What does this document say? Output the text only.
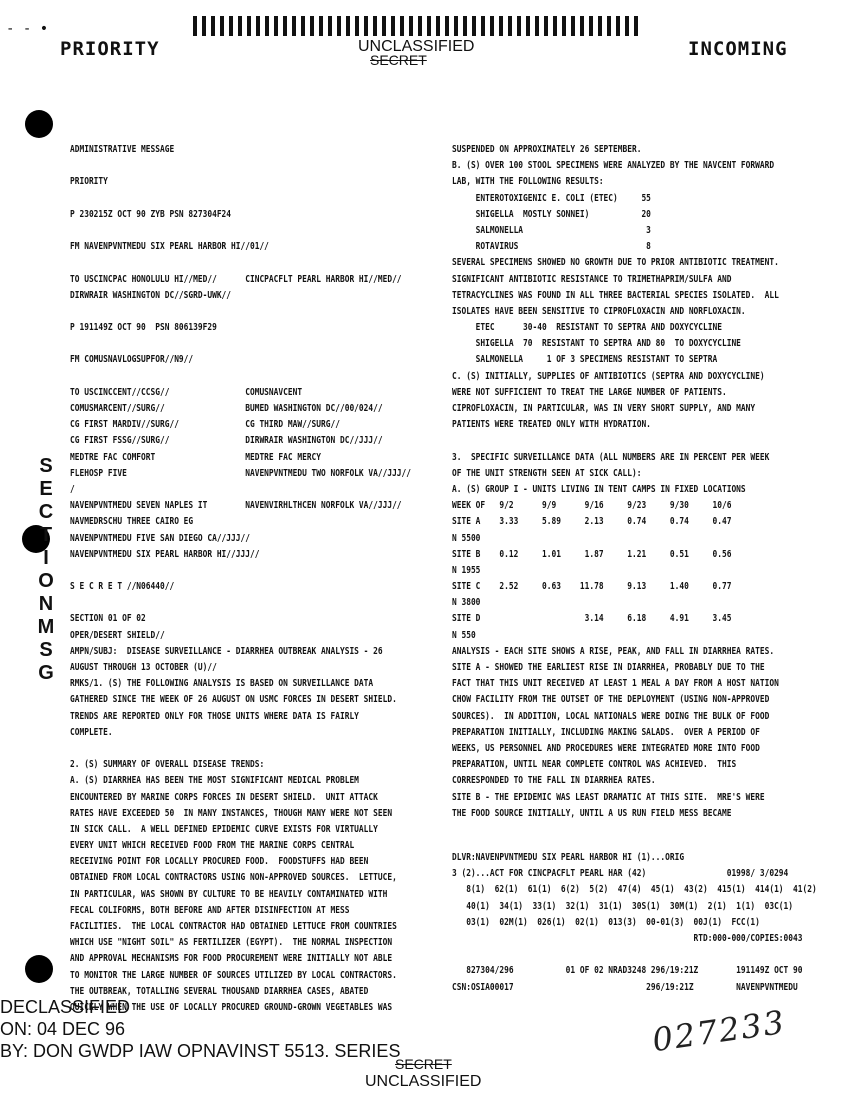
- - •
PRIORITY	UNCLASSIFIED
SECRET	INCOMING
S
E
C
T
I
O
N
M
S
G
ADMINISTRATIVE MESSAGE
PRIORITY
P 230215Z OCT 90 ZYB PSN 827304F24
FM NAVENPVNTMEDU SIX PEARL HARBOR HI//01//
TO USCINCPAC HONOLULU HI//MED//      CINCPACFLT PEARL HARBOR HI//MED//
DIRWRAIR WASHINGTON DC//SGRD-UWK//
P 191149Z OCT 90  PSN 806139F29
FM COMUSNAVLOGSUPFOR//N9//
TO USCINCCENT//CCSG//                COMUSNAVCENT
COMUSMARCENT//SURG//                 BUMED WASHINGTON DC//00/024//
CG FIRST MARDIV//SURG//              CG THIRD MAW//SURG//
CG FIRST FSSG//SURG//                DIRWRAIR WASHINGTON DC//JJJ//
MEDTRE FAC COMFORT                   MEDTRE FAC MERCY
FLEHOSP FIVE                         NAVENPVNTMEDU TWO NORFOLK VA//JJJ//
/
NAVENPVNTMEDU SEVEN NAPLES IT        NAVENVIRHLTHCEN NORFOLK VA//JJJ//
NAVMEDRSCHU THREE CAIRO EG
NAVENPVNTMEDU FIVE SAN DIEGO CA//JJJ//
NAVENPVNTMEDU SIX PEARL HARBOR HI//JJJ//
S E C R E T //N06440//
SECTION 01 OF 02
OPER/DESERT SHIELD//
AMPN/SUBJ:  DISEASE SURVEILLANCE - DIARRHEA OUTBREAK ANALYSIS - 26
AUGUST THROUGH 13 OCTOBER (U)//
RMKS/1. (S) THE FOLLOWING ANALYSIS IS BASED ON SURVEILLANCE DATA
GATHERED SINCE THE WEEK OF 26 AUGUST ON USMC FORCES IN DESERT SHIELD.
TRENDS ARE REPORTED ONLY FOR THOSE UNITS WHERE DATA IS FAIRLY
COMPLETE.
2. (S) SUMMARY OF OVERALL DISEASE TRENDS:
A. (S) DIARRHEA HAS BEEN THE MOST SIGNIFICANT MEDICAL PROBLEM
ENCOUNTERED BY MARINE CORPS FORCES IN DESERT SHIELD.  UNIT ATTACK
RATES HAVE EXCEEDED 50  IN MANY INSTANCES, THOUGH MANY WERE NOT SEEN
IN SICK CALL.  A WELL DEFINED EPIDEMIC CURVE EXISTS FOR VIRTUALLY
EVERY UNIT WHICH RECEIVED FOOD FROM THE MARINE CORPS CENTRAL
RECEIVING POINT FOR LOCALLY PROCURED FOOD.  FOODSTUFFS HAD BEEN
OBTAINED FROM LOCAL CONTRACTORS USING NON-APPROVED SOURCES.  LETTUCE,
IN PARTICULAR, WAS SHOWN BY CULTURE TO BE HEAVILY CONTAMINATED WITH
FECAL COLIFORMS, BOTH BEFORE AND AFTER DISINFECTION AT MESS
FACILITIES.  THE LOCAL CONTRACTOR HAD OBTAINED LETTUCE FROM COUNTRIES
WHICH USE "NIGHT SOIL" AS FERTILIZER (EGYPT).  THE NORMAL INSPECTION
AND APPROVAL MECHANISMS FOR FOOD PROCUREMENT WERE INITIALLY NOT ABLE
TO MONITOR THE LARGE NUMBER OF SOURCES UTILIZED BY LOCAL CONTRACTORS.
THE OUTBREAK, TOTALLING SEVERAL THOUSAND DIARRHEA CASES, ABATED
QUICKLY WHEN THE USE OF LOCALLY PROCURED GROUND-GROWN VEGETABLES WAS
SUSPENDED ON APPROXIMATELY 26 SEPTEMBER.
B. (S) OVER 100 STOOL SPECIMENS WERE ANALYZED BY THE NAVCENT FORWARD
LAB, WITH THE FOLLOWING RESULTS:
ENTEROTOXIGENIC E. COLI (ETEC)     55
SHIGELLA  MOSTLY SONNEI)           20
SALMONELLA                          3
ROTAVIRUS                           8
SEVERAL SPECIMENS SHOWED NO GROWTH DUE TO PRIOR ANTIBIOTIC TREATMENT.
SIGNIFICANT ANTIBIOTIC RESISTANCE TO TRIMETHAPRIM/SULFA AND
TETRACYCLINES WAS FOUND IN ALL THREE BACTERIAL SPECIES ISOLATED.  ALL
ISOLATES HAVE BEEN SENSITIVE TO CIPROFLOXACIN AND NORFLOXACIN.
ETEC      30-40  RESISTANT TO SEPTRA AND DOXYCYCLINE
SHIGELLA  70  RESISTANT TO SEPTRA AND 80  TO DOXYCYCLINE
SALMONELLA     1 OF 3 SPECIMENS RESISTANT TO SEPTRA
C. (S) INITIALLY, SUPPLIES OF ANTIBIOTICS (SEPTRA AND DOXYCYCLINE)
WERE NOT SUFFICIENT TO TREAT THE LARGE NUMBER OF PATIENTS.
CIPROFLOXACIN, IN PARTICULAR, WAS IN VERY SHORT SUPPLY, AND MANY
PATIENTS WERE TREATED ONLY WITH HYDRATION.
3.  SPECIFIC SURVEILLANCE DATA (ALL NUMBERS ARE IN PERCENT PER WEEK
OF THE UNIT STRENGTH SEEN AT SICK CALL):
A. (S) GROUP I - UNITS LIVING IN TENT CAMPS IN FIXED LOCATIONS
WEEK OF   9/2      9/9      9/16     9/23     9/30     10/6
SITE A    3.33     5.89     2.13     0.74     0.74     0.47
N 5500
SITE B    0.12     1.01     1.87     1.21     0.51     0.56
N 1955
SITE C    2.52     0.63    11.78     9.13     1.40     0.77
N 3800
SITE D                      3.14     6.18     4.91     3.45
N 550
ANALYSIS - EACH SITE SHOWS A RISE, PEAK, AND FALL IN DIARRHEA RATES.
SITE A - SHOWED THE EARLIEST RISE IN DIARRHEA, PROBABLY DUE TO THE
FACT THAT THIS UNIT RECEIVED AT LEAST 1 MEAL A DAY FROM A HOST NATION
CHOW FACILITY FROM THE OUTSET OF THE DEPLOYMENT (USING NON-APPROVED
SOURCES).  IN ADDITION, LOCAL NATIONALS WERE DOING THE BULK OF FOOD
PREPARATION INITIALLY, INCLUDING MAKING SALADS.  OVER A PERIOD OF
WEEKS, US PERSONNEL AND PROCEDURES WERE INTEGRATED MORE INTO FOOD
PREPARATION, UNTIL NEAR COMPLETE CONTROL WAS ACHIEVED.  THIS
CORRESPONDED TO THE FALL IN DIARRHEA RATES.
SITE B - THE EPIDEMIC WAS LEAST DRAMATIC AT THIS SITE.  MRE'S WERE
THE FOOD SOURCE INITIALLY, UNTIL A US RUN FIELD MESS BECAME
DLVR:NAVENPVNTMEDU SIX PEARL HARBOR HI (1)...ORIG
3 (2)...ACT FOR CINCPACFLT PEARL HAR (42)                 01998/ 3/0294
8(1)  62(1)  61(1)  6(2)  5(2)  47(4)  45(1)  43(2)  415(1)  414(1)  41(2)
40(1)  34(1)  33(1)  32(1)  31(1)  30S(1)  30M(1)  2(1)  1(1)  03C(1)
03(1)  02M(1)  026(1)  02(1)  013(3)  00-01(3)  00J(1)  FCC(1)
RTD:000-000/COPIES:0043
827304/296           01 OF 02 NRAD3248 296/19:21Z        191149Z OCT 90
CSN:OSIA00017                            296/19:21Z         NAVENPVNTMEDU
DECLASSIFIED
ON: 04 DEC 96
BY: DON GWDP IAW OPNAVINST 5513. SERIES
SECRET
UNCLASSIFIED
027233
